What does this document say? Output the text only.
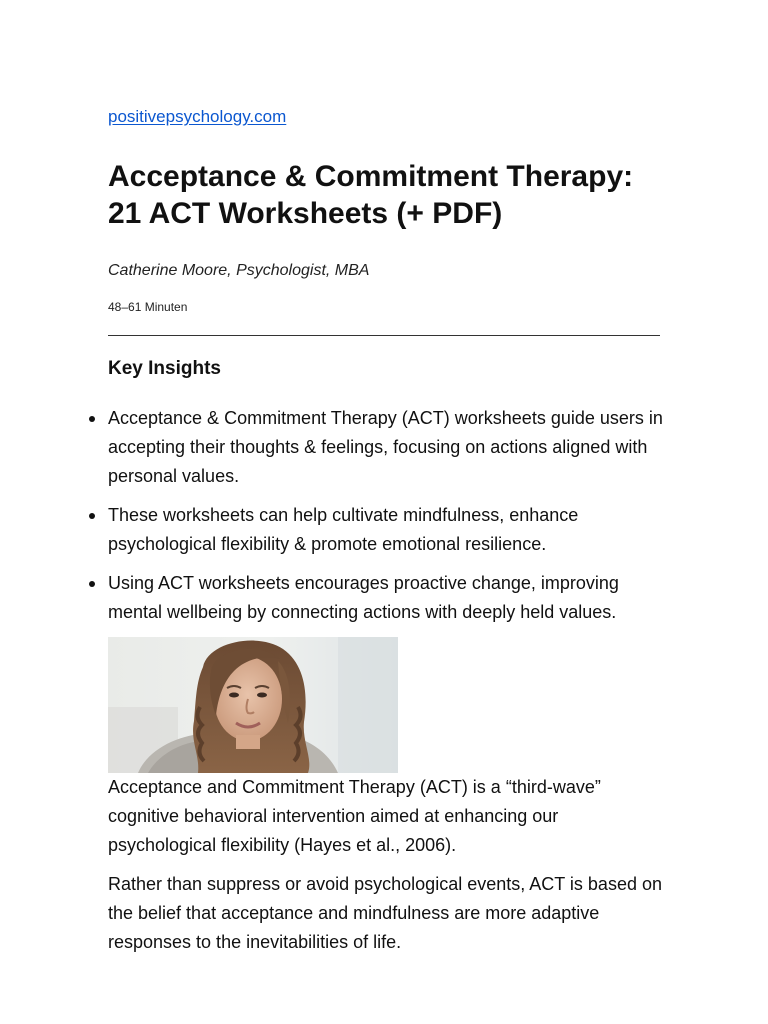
positivepsychology.com
Acceptance & Commitment Therapy: 21 ACT Worksheets (+ PDF)
Catherine Moore, Psychologist, MBA
48–61 Minuten
Key Insights
Acceptance & Commitment Therapy (ACT) worksheets guide users in accepting their thoughts & feelings, focusing on actions aligned with personal values.
These worksheets can help cultivate mindfulness, enhance psychological flexibility & promote emotional resilience.
Using ACT worksheets encourages proactive change, improving mental wellbeing by connecting actions with deeply held values.

Acceptance and Commitment Therapy (ACT) is a “third-wave” cognitive behavioral intervention aimed at enhancing our psychological flexibility (Hayes et al., 2006).

Rather than suppress or avoid psychological events, ACT is based on the belief that acceptance and mindfulness are more adaptive responses to the inevitabilities of life.
